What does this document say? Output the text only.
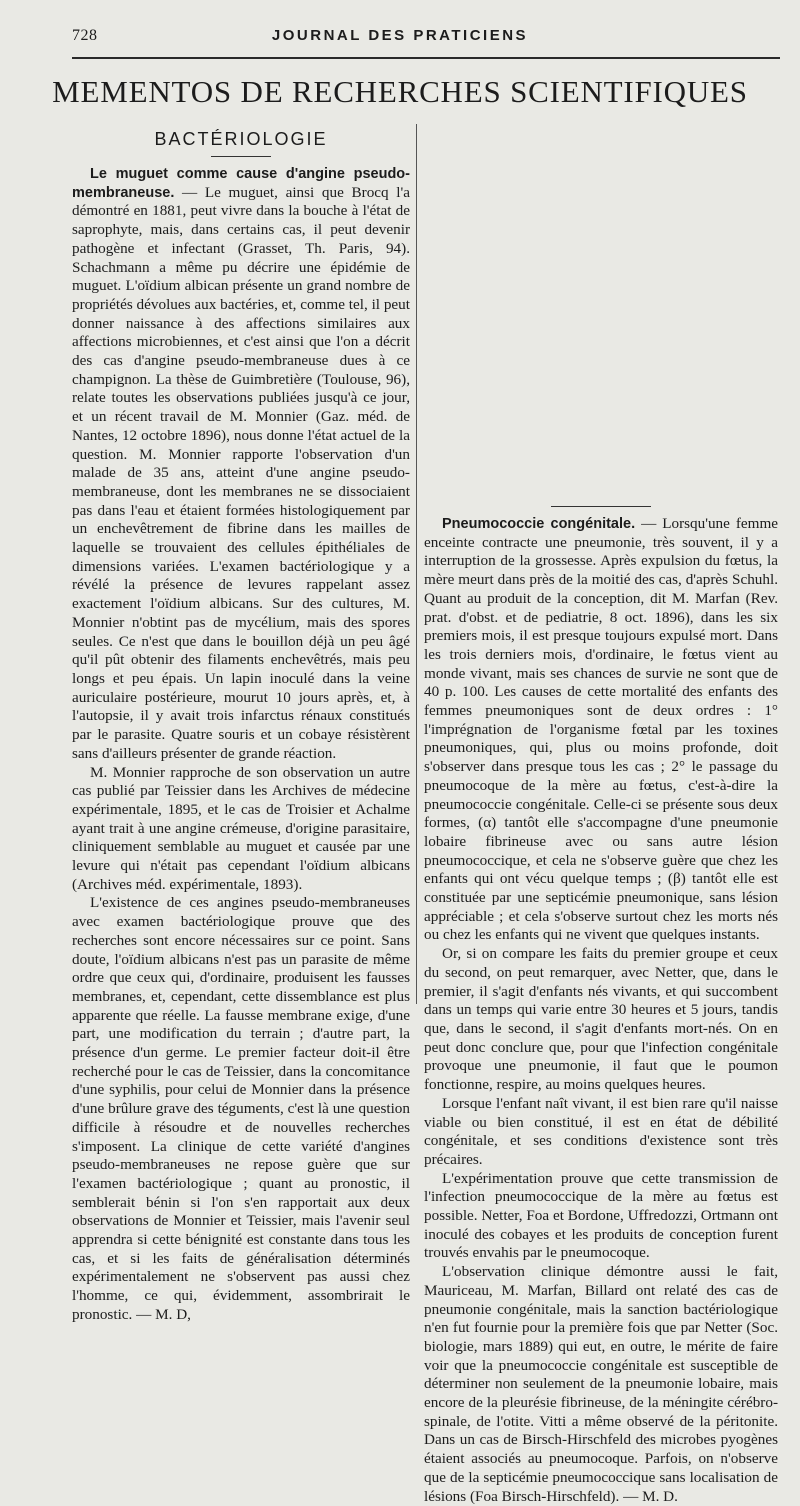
728	JOURNAL DES PRATICIENS
MEMENTOS DE RECHERCHES SCIENTIFIQUES
BACTÉRIOLOGIE

Le muguet comme cause d'angine pseudo-membraneuse. — Le muguet, ainsi que Brocq l'a démontré en 1881, peut vivre dans la bouche à l'état de saprophyte, mais, dans certains cas, il peut devenir pathogène et infectant (Grasset, Th. Paris, 94). Schachmann a même pu décrire une épidémie de muguet. L'oïdium albican présente un grand nombre de propriétés dévolues aux bactéries, et, comme tel, il peut donner naissance à des affections similaires aux affections microbiennes, et c'est ainsi que l'on a décrit des cas d'angine pseudo-membraneuse dues à ce champignon. La thèse de Guimbretière (Toulouse, 96), relate toutes les observations publiées jusqu'à ce jour, et un récent travail de M. Monnier (Gaz. méd. de Nantes, 12 octobre 1896), nous donne l'état actuel de la question. M. Monnier rapporte l'observation d'un malade de 35 ans, atteint d'une angine pseudo-membraneuse, dont les membranes ne se dissociaient pas dans l'eau et étaient formées histologiquement par un enchevêtrement de fibrine dans les mailles de laquelle se trouvaient des cellules épithéliales de dimensions variées. L'examen bactériologique y a révélé la présence de levures rappelant assez exactement l'oïdium albicans. Sur des cultures, M. Monnier n'obtint pas de mycélium, mais des spores seules. Ce n'est que dans le bouillon déjà un peu âgé qu'il pût obtenir des filaments enchevêtrés, mais peu longs et peu épais. Un lapin inoculé dans la veine auriculaire postérieure, mourut 10 jours après, et, à l'autopsie, il y avait trois infarctus rénaux constitués par le parasite. Quatre souris et un cobaye résistèrent sans d'ailleurs présenter de grande réaction.

M. Monnier rapproche de son observation un autre cas publié par Teissier dans les Archives de médecine expérimentale, 1895, et le cas de Troisier et Achalme ayant trait à une angine crémeuse, d'origine parasitaire, cliniquement semblable au muguet et causée par une levure qui n'était pas cependant l'oïdium albicans (Archives méd. expérimentale, 1893).

L'existence de ces angines pseudo-membraneuses avec examen bactériologique prouve que des recherches sont encore nécessaires sur ce point. Sans doute, l'oïdium albicans n'est pas un parasite de même ordre que ceux qui, d'ordinaire, produisent les fausses membranes, et, cependant, cette dissemblance est plus apparente que réelle. La fausse membrane exige, d'une part, une modification du terrain ; d'autre part, la présence d'un germe. Le premier facteur doit-il être recherché pour le cas de Teissier, dans la concomitance d'une syphilis, pour celui de Monnier dans la présence d'une brûlure grave des téguments, c'est là une question difficile à résoudre et de nouvelles recherches s'imposent. La clinique de cette variété d'angines pseudo-membraneuses ne repose guère que sur l'examen bactériologique ; quant au pronostic, il semblerait bénin si l'on s'en rapportait aux deux observations de Monnier et Teissier, mais l'avenir seul apprendra si cette bénignité est constante dans tous les cas, et si les faits de généralisation déterminés expérimentalement ne s'observent pas aussi chez l'homme, ce qui, évidemment, assombrirait le pronostic. — M. D,

Pneumococcie congénitale. — Lorsqu'une femme enceinte contracte une pneumonie, très souvent, il y a interruption de la grossesse. Après expulsion du fœtus, la mère meurt dans près de la moitié des cas, d'après Schuhl. Quant au produit de la conception, dit M. Marfan (Rev. prat. d'obst. et de pediatrie, 8 oct. 1896), dans les six premiers mois, il est presque toujours expulsé mort. Dans les trois derniers mois, d'ordinaire, le fœtus vient au monde vivant, mais ses chances de survie ne sont que de 40 p. 100. Les causes de cette mortalité des enfants des femmes pneumoniques sont de deux ordres : 1° l'imprégnation de l'organisme fœtal par les toxines pneumoniques, qui, plus ou moins profonde, doit s'observer dans presque tous les cas ; 2° le passage du pneumocoque de la mère au fœtus, c'est-à-dire la pneumococcie congénitale. Celle-ci se présente sous deux formes, (α) tantôt elle s'accompagne d'une pneumonie lobaire fibrineuse avec ou sans autre lésion pneumococcique, et cela ne s'observe guère que chez les enfants qui ont vécu quelque temps ; (β) tantôt elle est constituée par une septicémie pneumonique, sans lésion appréciable ; et cela s'observe surtout chez les morts nés ou chez les enfants qui ne vivent que quelques instants.

Or, si on compare les faits du premier groupe et ceux du second, on peut remarquer, avec Netter, que, dans le premier, il s'agit d'enfants nés vivants, et qui succombent dans un temps qui varie entre 30 heures et 5 jours, tandis que, dans le second, il s'agit d'enfants mort-nés. On en peut donc conclure que, pour que l'infection congénitale provoque une pneumonie, il faut que le poumon fonctionne, respire, au moins quelques heures.

Lorsque l'enfant naît vivant, il est bien rare qu'il naisse viable ou bien constitué, il est en état de débilité congénitale, et ses conditions d'existence sont très précaires.

L'expérimentation prouve que cette transmission de l'infection pneumococcique de la mère au fœtus est possible. Netter, Foa et Bordone, Uffredozzi, Ortmann ont inoculé des cobayes et les produits de conception furent trouvés envahis par le pneumocoque.

L'observation clinique démontre aussi le fait, Mauriceau, M. Marfan, Billard ont relaté des cas de pneumonie congénitale, mais la sanction bactériologique n'en fut fournie pour la première fois que par Netter (Soc. biologie, mars 1889) qui eut, en outre, le mérite de faire voir que la pneumococcie congénitale est susceptible de déterminer non seulement de la pneumonie lobaire, mais encore de la pleurésie fibrineuse, de la méningite cérébro-spinale, de l'otite. Vitti a même observé de la péritonite. Dans un cas de Birsch-Hirschfeld des microbes pyogènes étaient associés au pneumocoque. Parfois, on n'observe que de la septicémie pneumococcique sans localisation de lésions (Foa Birsch-Hirschfeld). — M. D.
